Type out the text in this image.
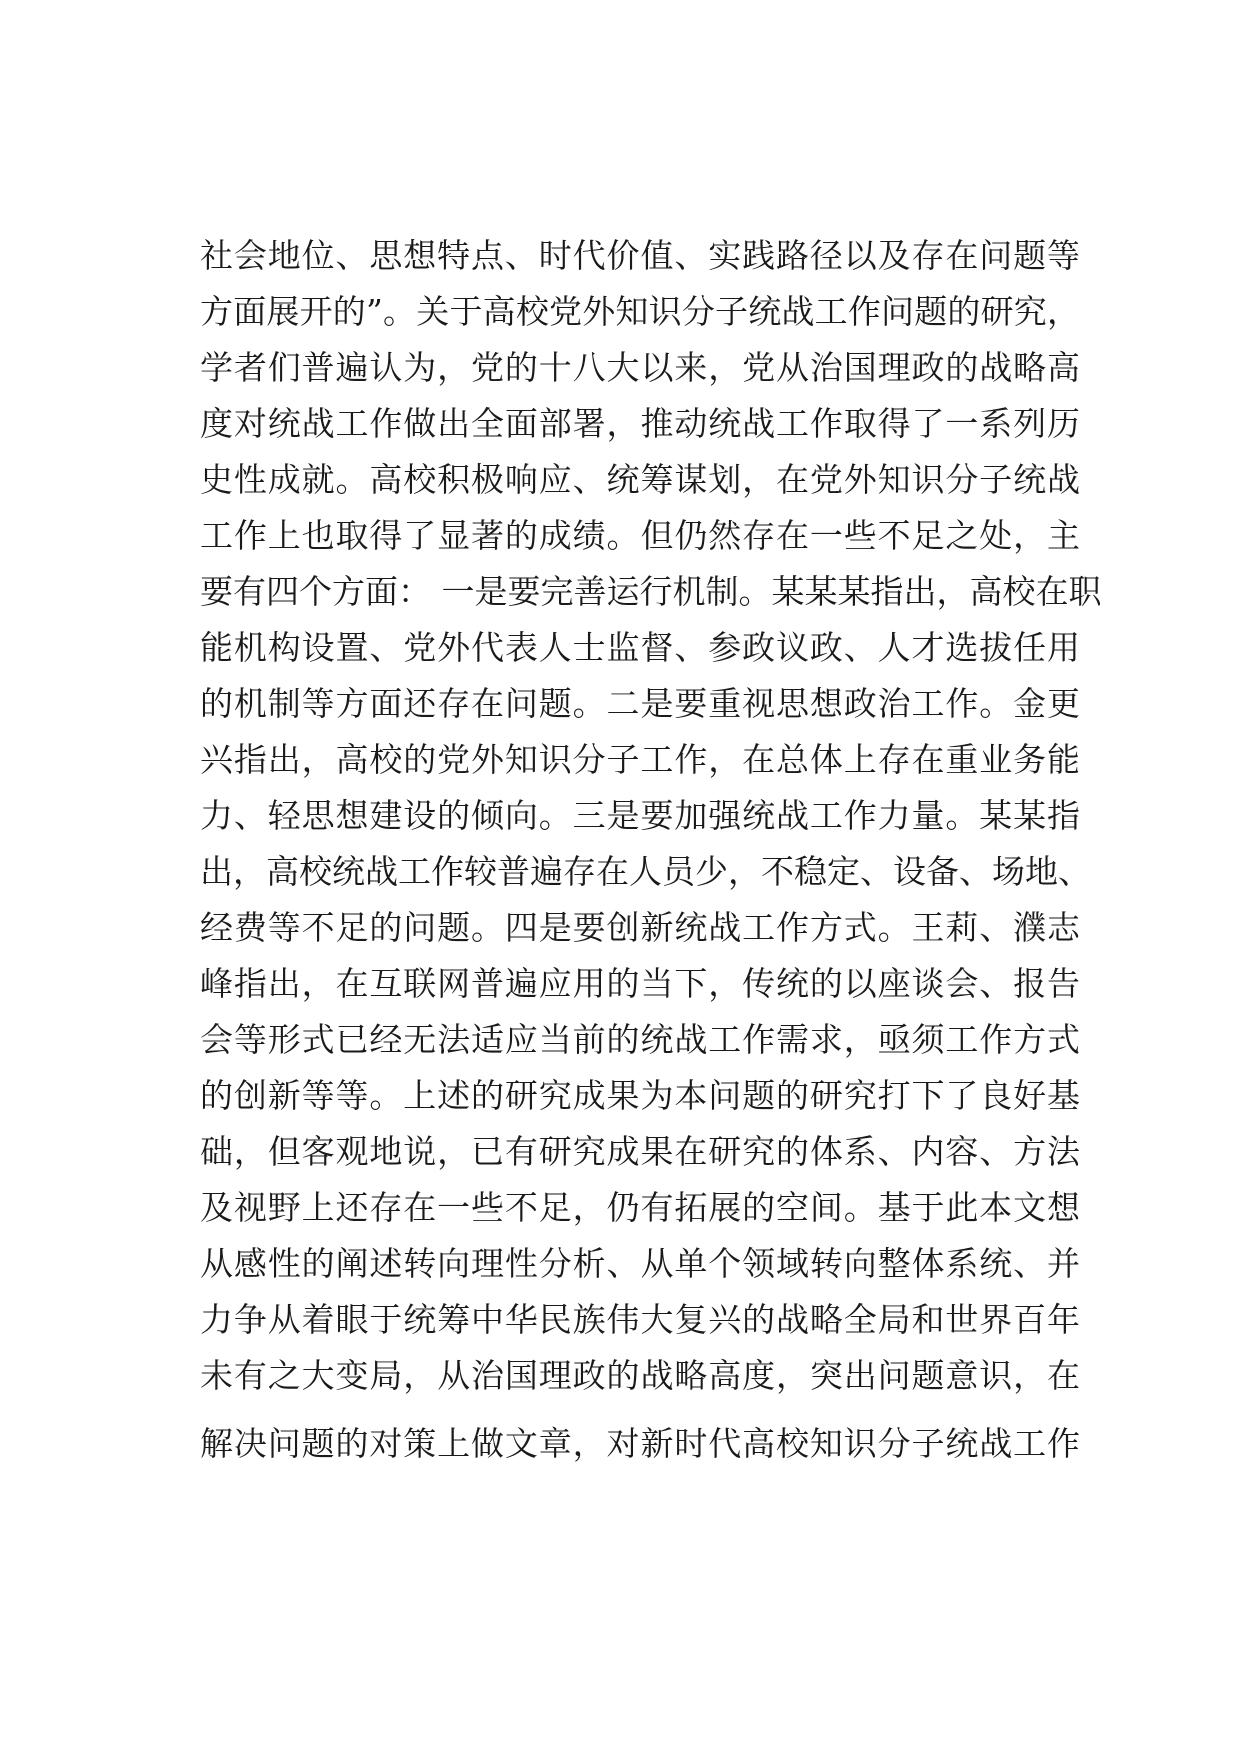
社会地位、思想特点、时代价值、实践路径以及存在问题等
方面展开的”。关于高校党外知识分子统战工作问题的研究，
学者们普遍认为，党的十八大以来，党从治国理政的战略高
度对统战工作做出全面部署，推动统战工作取得了一系列历
史性成就。高校积极响应、统筹谋划，在党外知识分子统战
工作上也取得了显著的成绩。但仍然存在一些不足之处，主
要有四个方面： 一是要完善运行机制。某某某指出，高校在职
能机构设置、党外代表人士监督、参政议政、人才选拔任用
的机制等方面还存在问题。二是要重视思想政治工作。金更
兴指出，高校的党外知识分子工作，在总体上存在重业务能
力、轻思想建设的倾向。三是要加强统战工作力量。某某指
出，高校统战工作较普遍存在人员少，不稳定、设备、场地、
经费等不足的问题。四是要创新统战工作方式。王莉、濮志
峰指出，在互联网普遍应用的当下，传统的以座谈会、报告
会等形式已经无法适应当前的统战工作需求，亟须工作方式
的创新等等。上述的研究成果为本问题的研究打下了良好基
础，但客观地说，已有研究成果在研究的体系、内容、方法
及视野上还存在一些不足，仍有拓展的空间。基于此本文想
从感性的阐述转向理性分析、从单个领域转向整体系统、并
力争从着眼于统筹中华民族伟大复兴的战略全局和世界百年
未有之大变局，从治国理政的战略高度，突出问题意识，在
解决问题的对策上做文章，对新时代高校知识分子统战工作
